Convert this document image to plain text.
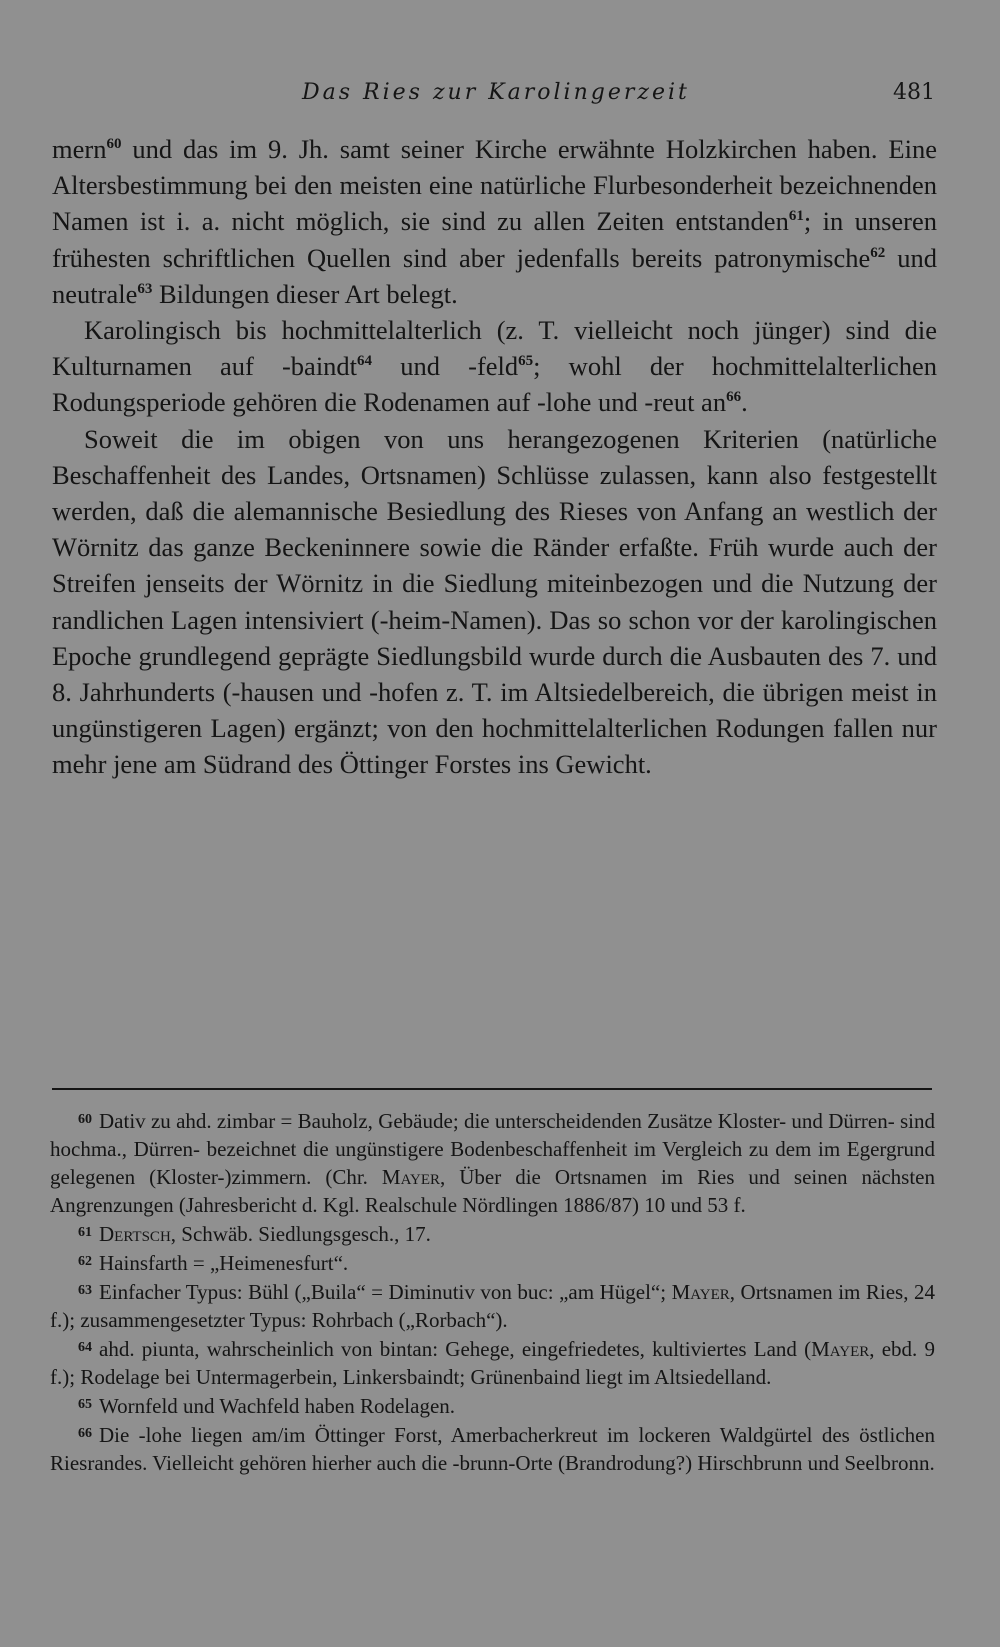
Das Ries zur Karolingerzeit	481

mern$^{60}$ und das im 9. Jh. samt seiner Kirche erwähnte Holzkirchen haben. Eine Altersbestimmung bei den meisten eine natürliche Flurbesonderheit bezeichnenden Namen ist i. a. nicht möglich, sie sind zu allen Zeiten entstanden$^{61}$; in unseren frühesten schriftlichen Quellen sind aber jedenfalls bereits patronymische$^{62}$ und neutrale$^{63}$ Bildungen dieser Art belegt.

Karolingisch bis hochmittelalterlich (z. T. vielleicht noch jünger) sind die Kulturnamen auf -baindt$^{64}$ und -feld$^{65}$; wohl der hochmittelalterlichen Rodungsperiode gehören die Rodenamen auf -lohe und -reut an$^{66}$.

Soweit die im obigen von uns herangezogenen Kriterien (natürliche Beschaffenheit des Landes, Ortsnamen) Schlüsse zulassen, kann also festgestellt werden, daß die alemannische Besiedlung des Rieses von Anfang an westlich der Wörnitz das ganze Beckeninnere sowie die Ränder erfaßte. Früh wurde auch der Streifen jenseits der Wörnitz in die Siedlung miteinbezogen und die Nutzung der randlichen Lagen intensiviert (-heim-Namen). Das so schon vor der karolingischen Epoche grundlegend geprägte Siedlungsbild wurde durch die Ausbauten des 7. und 8. Jahrhunderts (-hausen und -hofen z. T. im Altsiedelbereich, die übrigen meist in ungünstigeren Lagen) ergänzt; von den hochmittelalterlichen Rodungen fallen nur mehr jene am Südrand des Öttinger Forstes ins Gewicht.

$^{60}$ Dativ zu ahd. zimbar = Bauholz, Gebäude; die unterscheidenden Zusätze Kloster- und Dürren- sind hochma., Dürren- bezeichnet die ungünstigere Bodenbeschaffenheit im Vergleich zu dem im Egergrund gelegenen (Kloster-)zimmern. (Chr. Mayer, Über die Ortsnamen im Ries und seinen nächsten Angrenzungen (Jahresbericht d. Kgl. Realschule Nördlingen 1886/87) 10 und 53 f.

$^{61}$ Dertsch, Schwäb. Siedlungsgesch., 17.

$^{62}$ Hainsfarth = „Heimenesfurt“.

$^{63}$ Einfacher Typus: Bühl („Buila“ = Diminutiv von buc: „am Hügel“; Mayer, Ortsnamen im Ries, 24 f.); zusammengesetzter Typus: Rohrbach („Rorbach“).

$^{64}$ ahd. piunta, wahrscheinlich von bintan: Gehege, eingefriedetes, kultiviertes Land (Mayer, ebd. 9 f.); Rodelage bei Untermagerbein, Linkersbaindt; Grünenbaind liegt im Altsiedelland.

$^{65}$ Wornfeld und Wachfeld haben Rodelagen.

$^{66}$ Die -lohe liegen am/im Öttinger Forst, Amerbacherkreut im lockeren Waldgürtel des östlichen Riesrandes. Vielleicht gehören hierher auch die -brunn-Orte (Brandrodung?) Hirschbrunn und Seelbronn.
